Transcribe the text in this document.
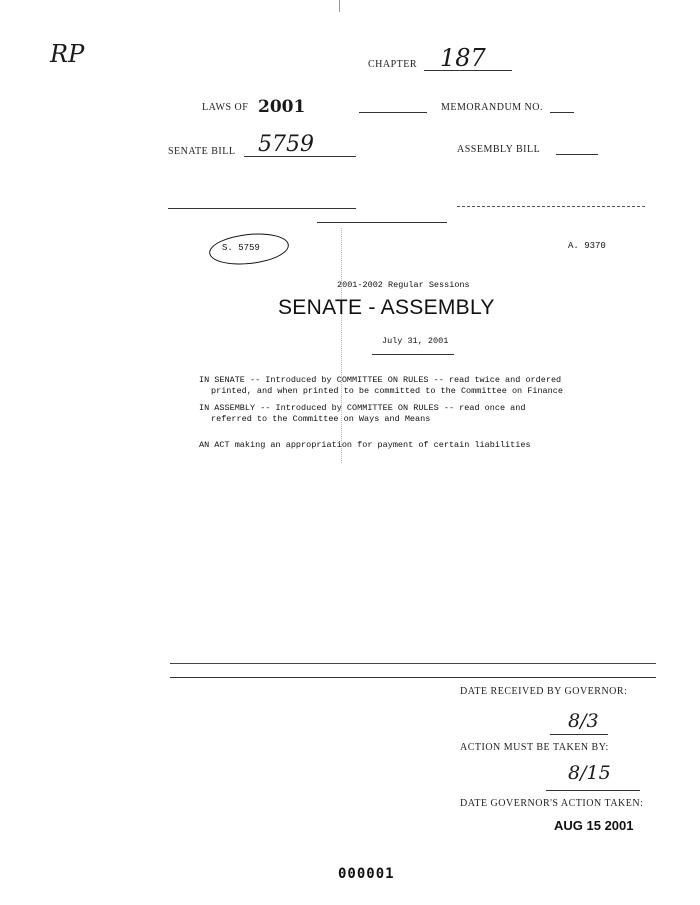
RP	CHAPTER 187
LAWS OF 2001	MEMORANDUM NO.
SENATE BILL 5759	ASSEMBLY BILL
S. 5759	A. 9370
2001-2002 Regular Sessions
SENATE - ASSEMBLY
July 31, 2001
IN SENATE -- Introduced by COMMITTEE ON RULES -- read twice and ordered
printed, and when printed to be committed to the Committee on Finance
IN ASSEMBLY -- Introduced by COMMITTEE ON RULES -- read once and
referred to the Committee on Ways and Means
AN ACT making an appropriation for payment of certain liabilities
DATE RECEIVED BY GOVERNOR:
8/3
ACTION MUST BE TAKEN BY:
8/15
DATE GOVERNOR'S ACTION TAKEN:
AUG 15 2001
000001
